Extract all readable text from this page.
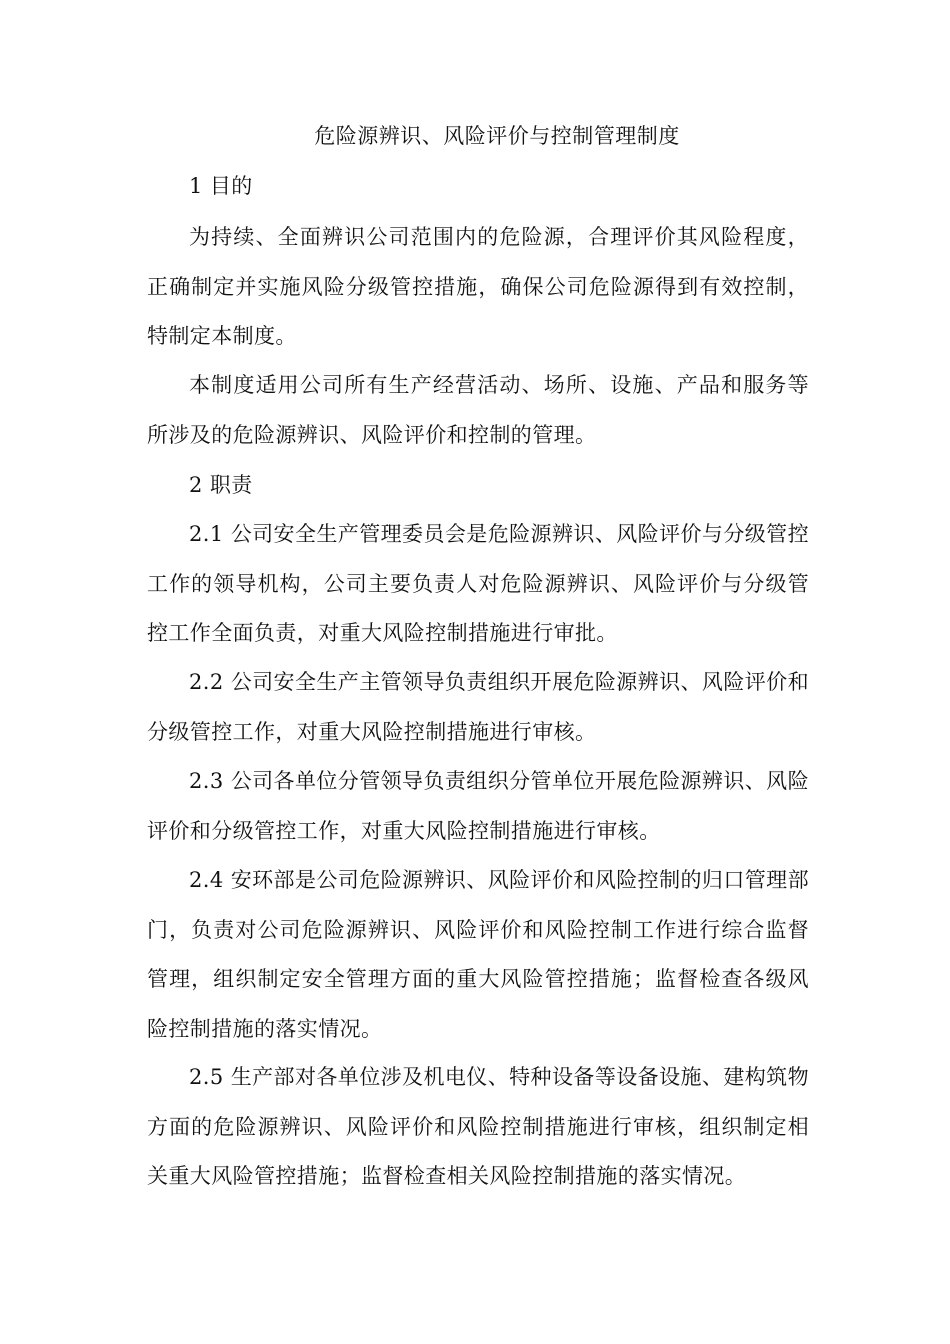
危险源辨识、风险评价与控制管理制度
1 目的

为持续、全面辨识公司范围内的危险源，合理评价其风险程度，正确制定并实施风险分级管控措施，确保公司危险源得到有效控制，特制定本制度。

本制度适用公司所有生产经营活动、场所、设施、产品和服务等所涉及的危险源辨识、风险评价和控制的管理。

2 职责

2.1 公司安全生产管理委员会是危险源辨识、风险评价与分级管控工作的领导机构，公司主要负责人对危险源辨识、风险评价与分级管控工作全面负责，对重大风险控制措施进行审批。

2.2 公司安全生产主管领导负责组织开展危险源辨识、风险评价和分级管控工作，对重大风险控制措施进行审核。

2.3 公司各单位分管领导负责组织分管单位开展危险源辨识、风险评价和分级管控工作，对重大风险控制措施进行审核。

2.4 安环部是公司危险源辨识、风险评价和风险控制的归口管理部门，负责对公司危险源辨识、风险评价和风险控制工作进行综合监督管理，组织制定安全管理方面的重大风险管控措施；监督检查各级风险控制措施的落实情况。

2.5 生产部对各单位涉及机电仪、特种设备等设备设施、建构筑物方面的危险源辨识、风险评价和风险控制措施进行审核，组织制定相关重大风险管控措施；监督检查相关风险控制措施的落实情况。
